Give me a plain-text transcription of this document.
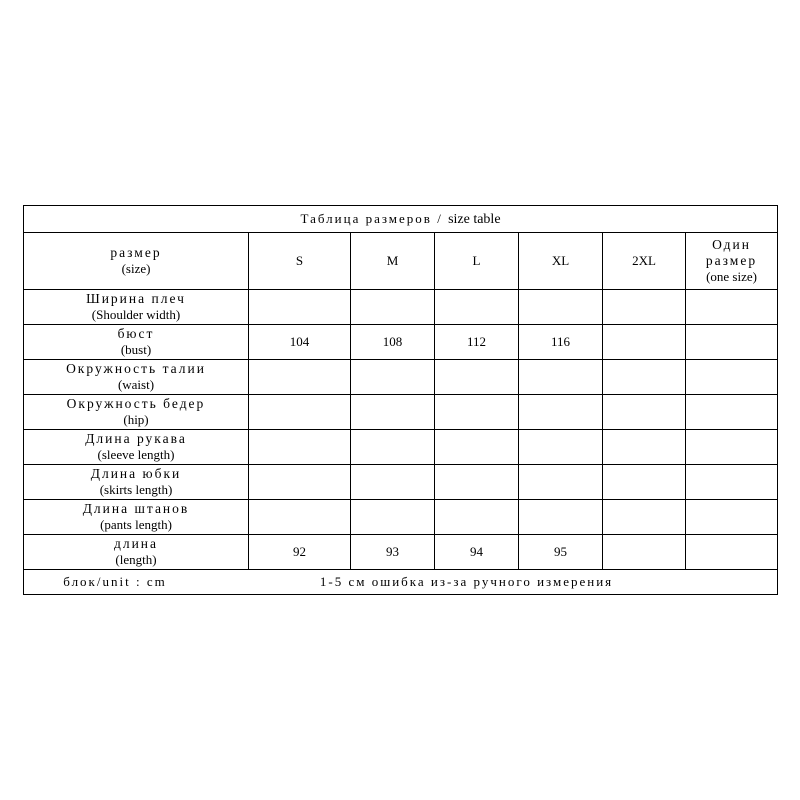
Таблица размеров / size table						

размер
(size)	S	M	L	XL	2XL	Один размер
(one size)

Ширина плеч
(Shoulder width)						

бюст
(bust)	104	108	112	116		

Окружность талии
(waist)						

Окружность бедер
(hip)						

Длина рукава
(sleeve length)						

Длина юбки
(skirts length)						

Длина штанов
(pants length)						

длина
(length)	92	93	94	95		

блок/unit : cm 1-5 см ошибка из-за ручного измерения						
